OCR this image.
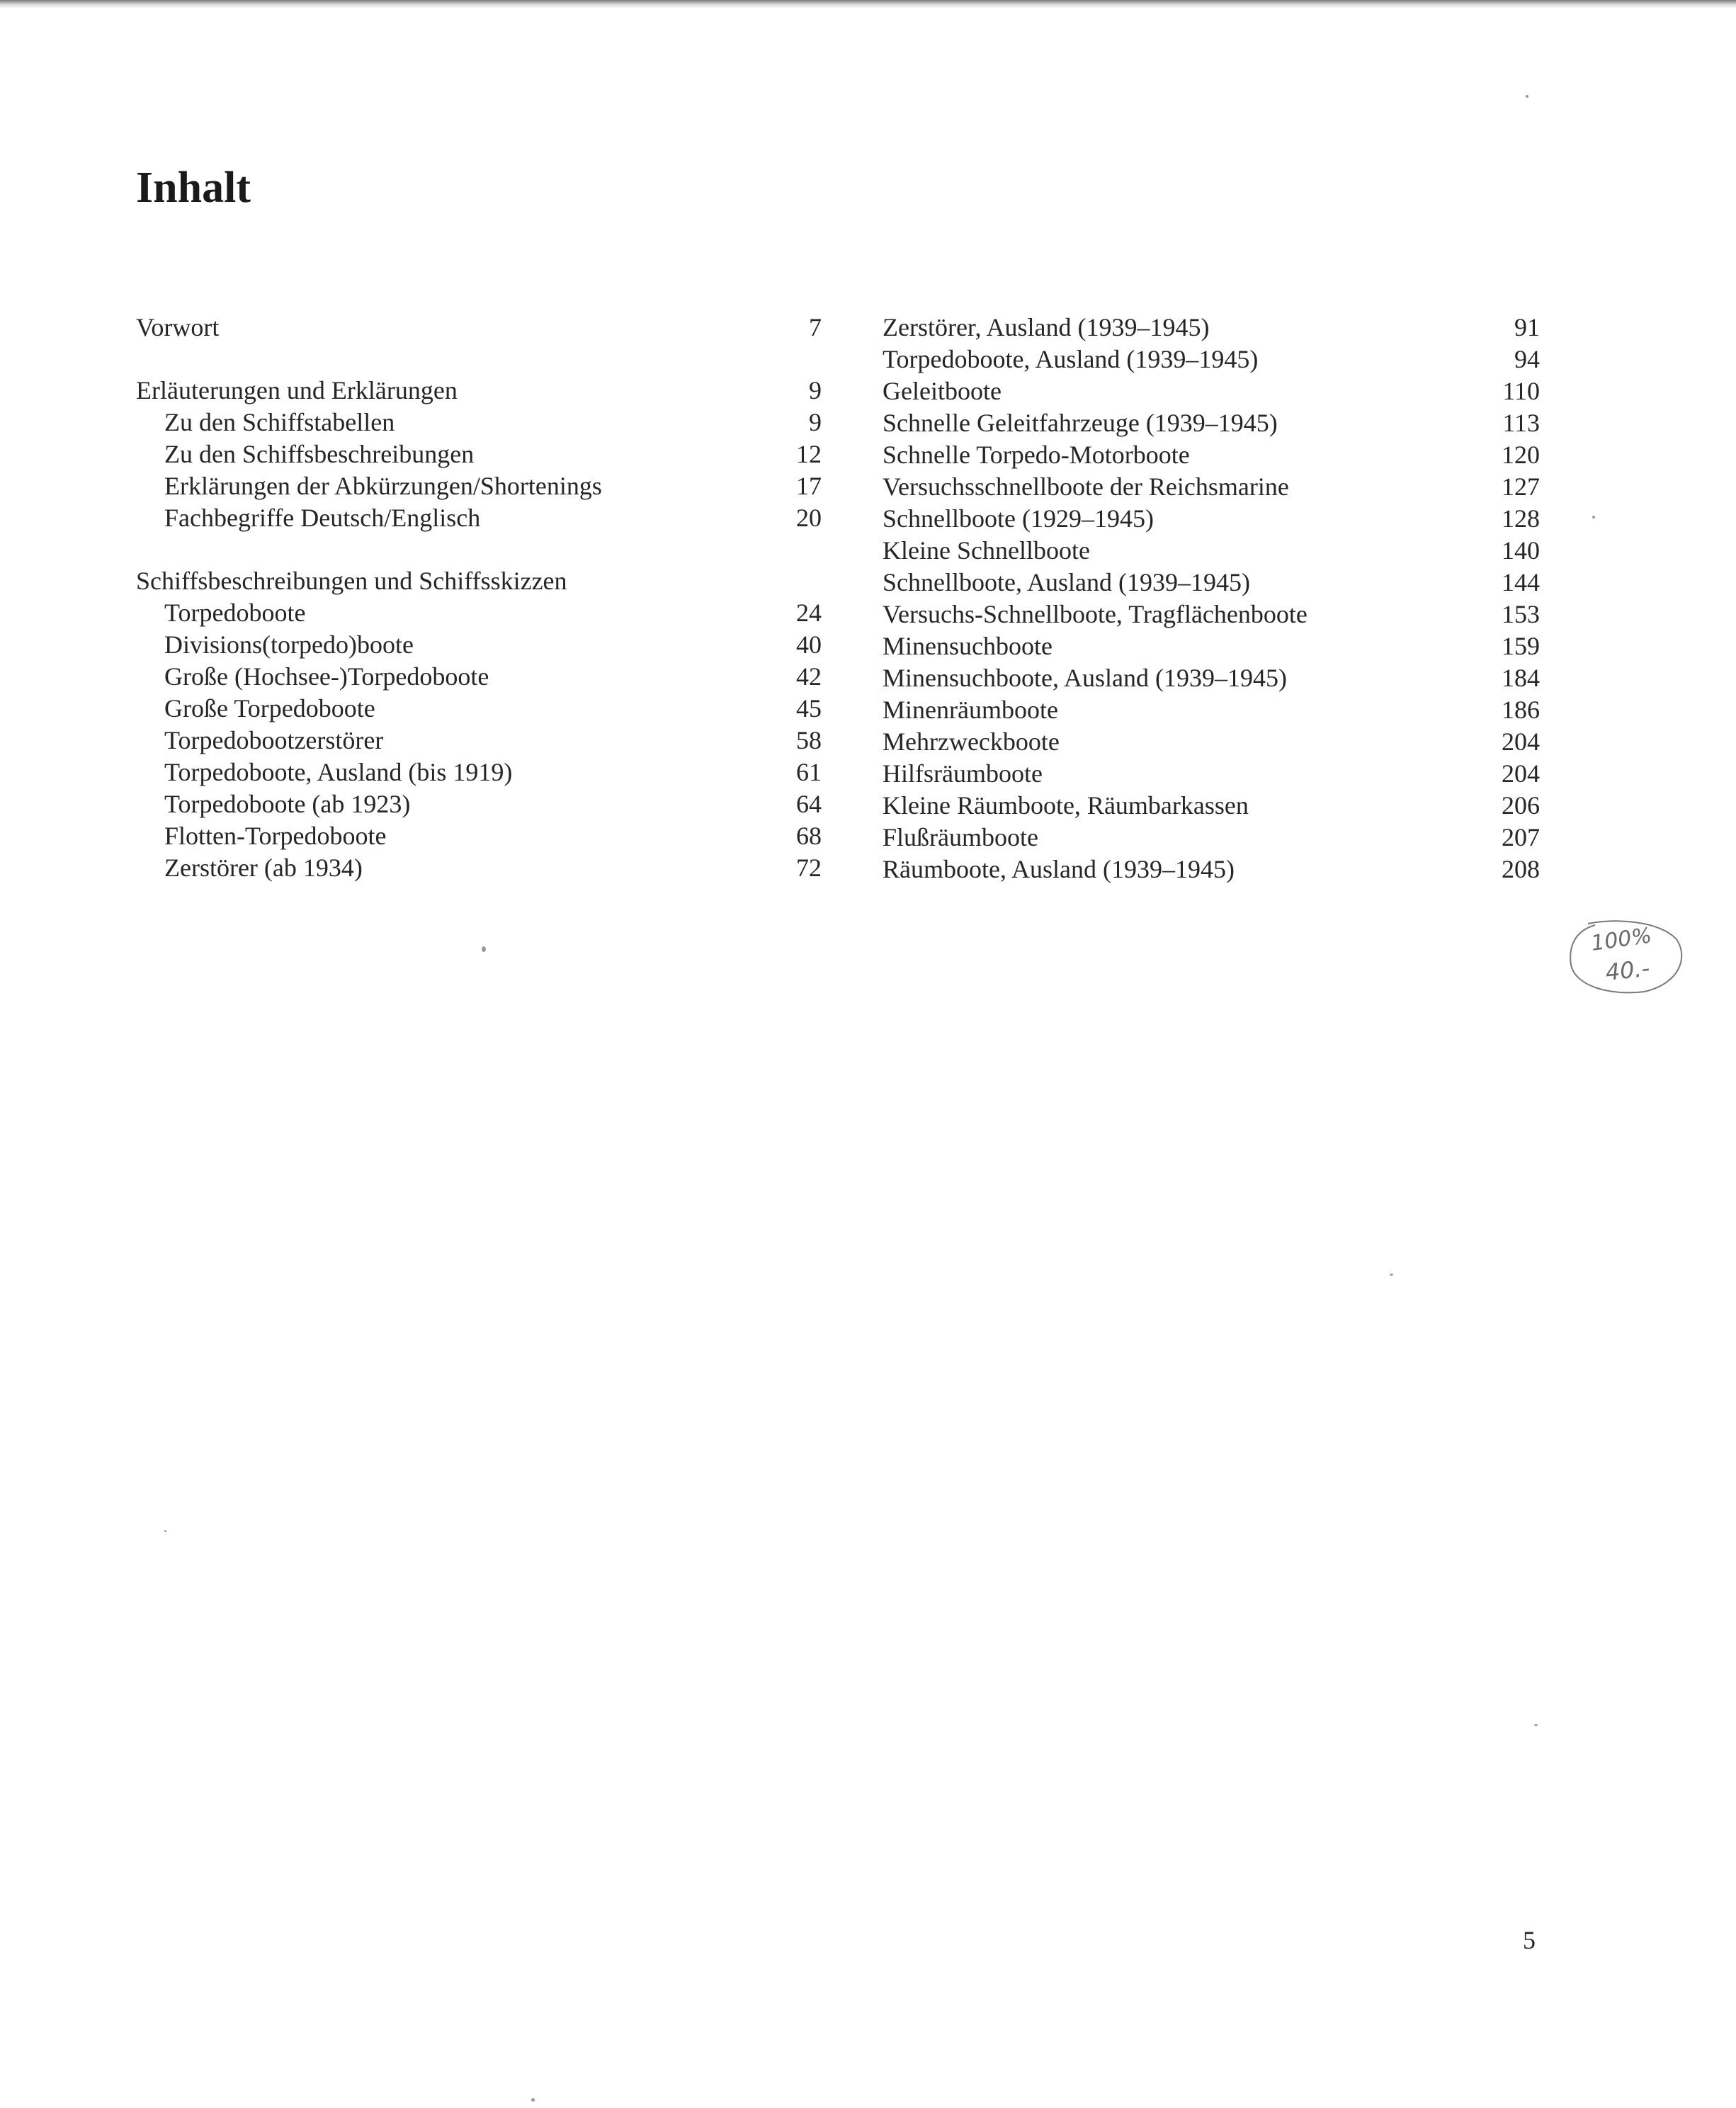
Inhalt
Vorwort	7
Erläuterungen und Erklärungen	9
Zu den Schiffstabellen	9
Zu den Schiffsbeschreibungen	12
Erklärungen der Abkürzungen/Shortenings	17
Fachbegriffe Deutsch/Englisch	20
Schiffsbeschreibungen und Schiffsskizzen
Torpedoboote	24
Divisions(torpedo)boote	40
Große (Hochsee-)Torpedoboote	42
Große Torpedoboote	45
Torpedobootzerstörer	58
Torpedoboote, Ausland (bis 1919)	61
Torpedoboote (ab 1923)	64
Flotten-Torpedoboote	68
Zerstörer (ab 1934)	72
Zerstörer, Ausland (1939–1945)	91
Torpedoboote, Ausland (1939–1945)	94
Geleitboote	110
Schnelle Geleitfahrzeuge (1939–1945)	113
Schnelle Torpedo-Motorboote	120
Versuchsschnellboote der Reichsmarine	127
Schnellboote (1929–1945)	128
Kleine Schnellboote	140
Schnellboote, Ausland (1939–1945)	144
Versuchs-Schnellboote, Tragflächenboote	153
Minensuchboote	159
Minensuchboote, Ausland (1939–1945)	184
Minenräumboote	186
Mehrzweckboote	204
Hilfsräumboote	204
Kleine Räumboote, Räumbarkassen	206
Flußräumboote	207
Räumboote, Ausland (1939–1945)	208
100%
40.-
5
